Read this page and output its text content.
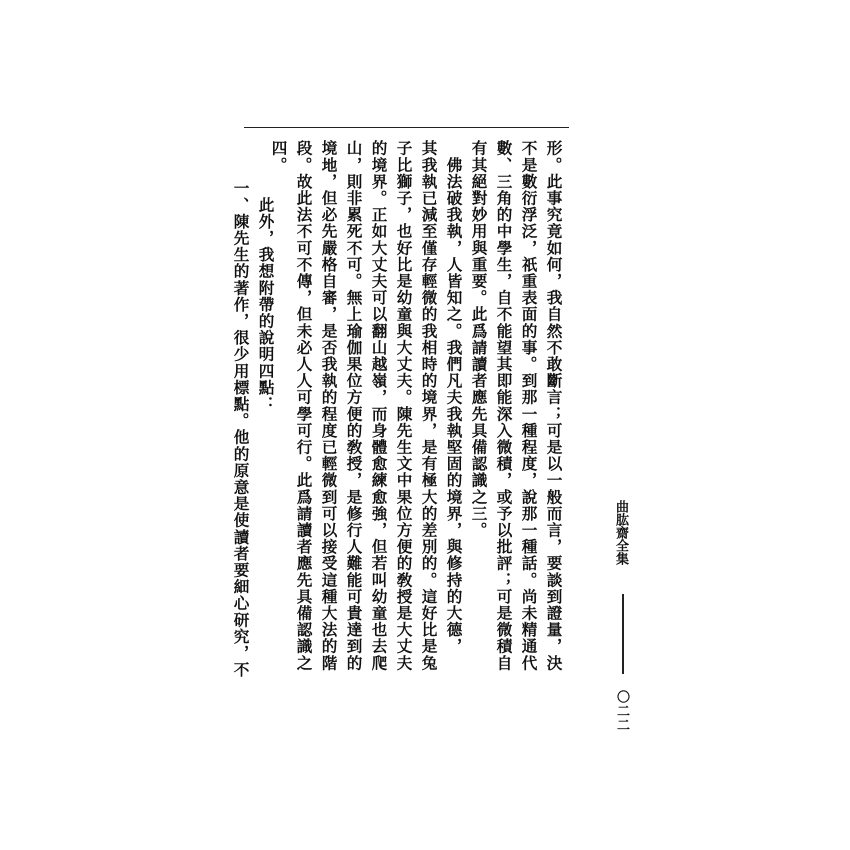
形。此事究竟如何，我自然不敢斷言；可是以一般而言，要談到證量，決
不是數衍浮泛，祇重表面的事。到那一種程度，說那一種話。尚未精通代
數、三角的中學生，自不能望其即能深入微積，或予以批評；可是微積自
有其絕對妙用與重要。此爲請讀者應先具備認識之三。
　佛法破我執，人皆知之。我們凡夫我執堅固的境界，與修持的大德，
其我執已減至僅存輕微的我相時的境界，是有極大的差別的。這好比是兔
子比獅子，也好比是幼童與大丈夫。陳先生文中果位方便的敎授是大丈夫
的境界。正如大丈夫可以翻山越嶺，而身體愈練愈強，但若叫幼童也去爬
山，則非累死不可。無上瑜伽果位方便的敎授，是修行人難能可貴達到的
境地，但必先嚴格自審，是否我執的程度已輕微到可以接受這種大法的階
段。故此法不可不傳，但未必人人可學可行。此爲請讀者應先具備認識之
四。
　此外，我想附帶的說明四點：
一、陳先生的著作，很少用標點。他的原意是使讀者要細心研究，不	曲肱齋全集
〇二二
